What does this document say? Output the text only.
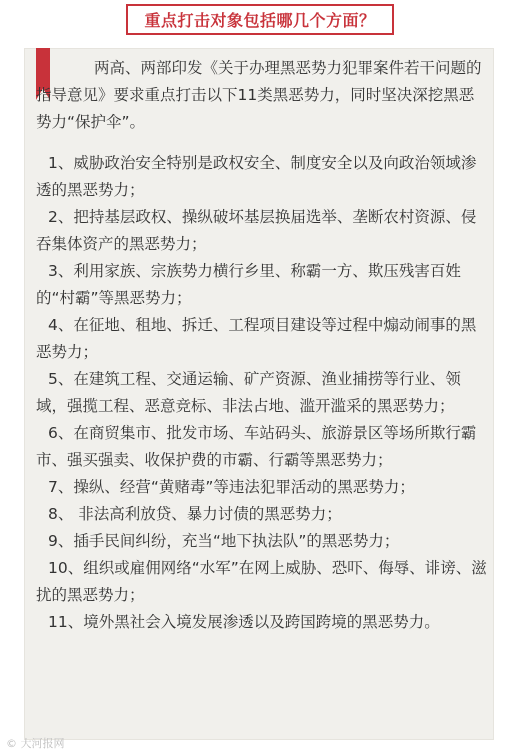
重点打击对象包括哪几个方面？

两高、两部印发《关于办理黑恶势力犯罪案件若干问题的指导意见》要求重点打击以下11类黑恶势力，同时坚决深挖黑恶势力“保护伞”。

1、威胁政治安全特别是政权安全、制度安全以及向政治领域渗透的黑恶势力；

2、把持基层政权、操纵破坏基层换届选举、垄断农村资源、侵吞集体资产的黑恶势力；

3、利用家族、宗族势力横行乡里、称霸一方、欺压残害百姓的“村霸”等黑恶势力；

4、在征地、租地、拆迁、工程项目建设等过程中煽动闹事的黑恶势力；

5、在建筑工程、交通运输、矿产资源、渔业捕捞等行业、领域，强揽工程、恶意竞标、非法占地、滥开滥采的黑恶势力；

6、在商贸集市、批发市场、车站码头、旅游景区等场所欺行霸市、强买强卖、收保护费的市霸、行霸等黑恶势力；

7、操纵、经营“黄赌毒”等违法犯罪活动的黑恶势力；

8、 非法高利放贷、暴力讨债的黑恶势力；

9、插手民间纠纷，充当“地下执法队”的黑恶势力；

10、组织或雇佣网络“水军”在网上威胁、恐吓、侮辱、诽谤、滋扰的黑恶势力；

11、境外黑社会入境发展渗透以及跨国跨境的黑恶势力。

© 大河报网
